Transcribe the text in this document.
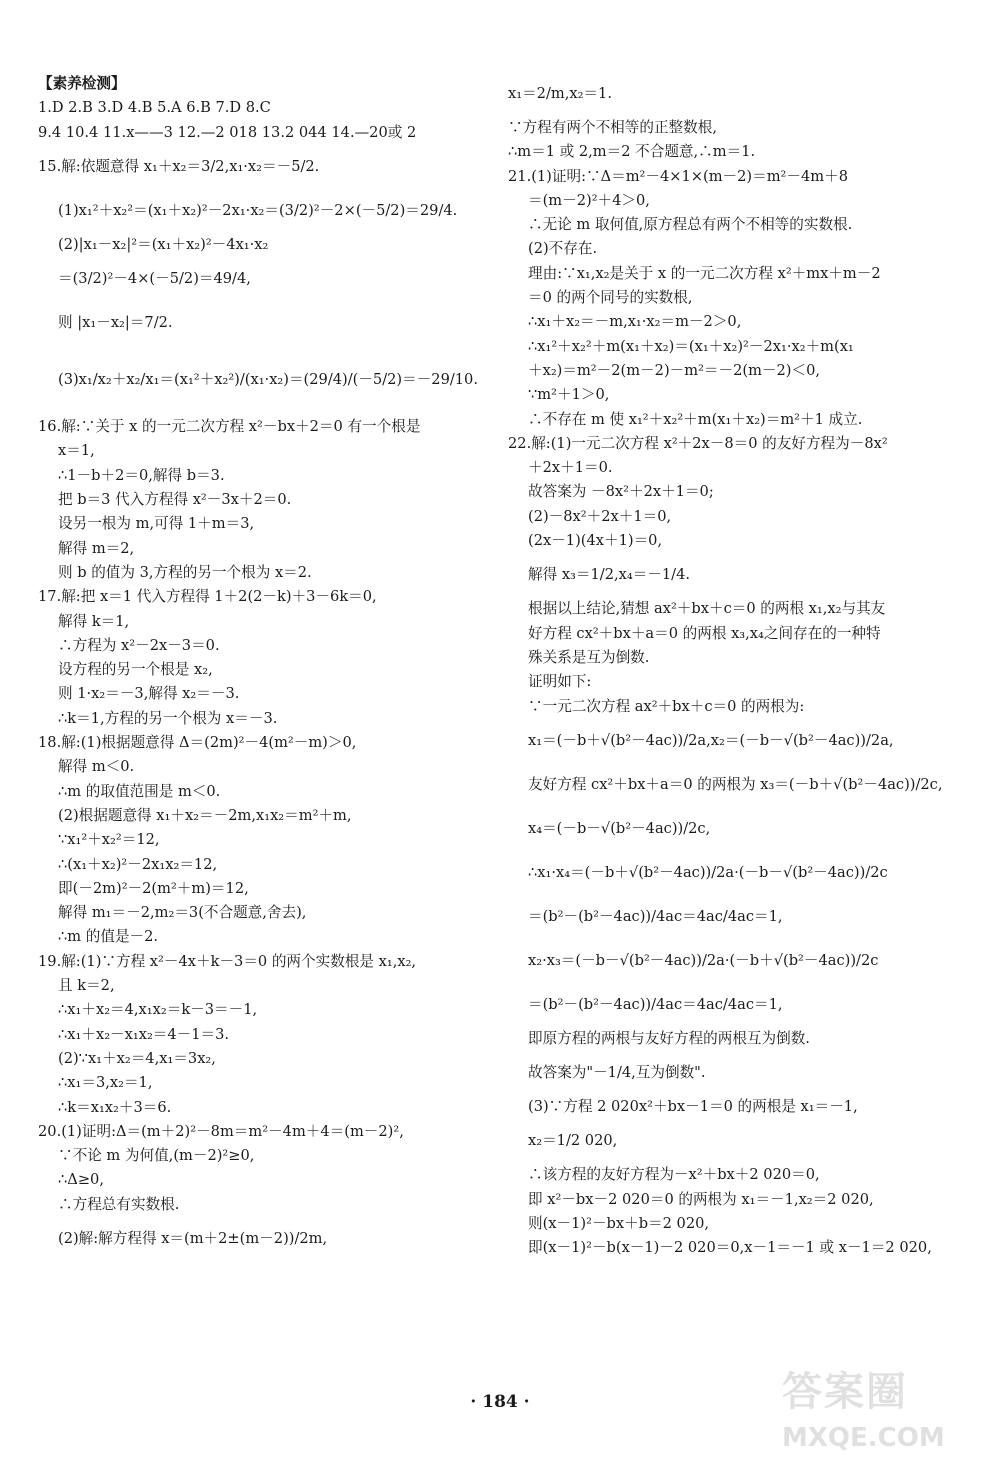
【素养检测】
1.D 2.B 3.D 4.B 5.A 6.B 7.D 8.C
9.4 10.4 11.x——3 12.—2 018 13.2 044 14.—20或 2
15.解:依题意得 x₁＋x₂＝3/2,x₁·x₂＝－5/2.
(1)x₁²＋x₂²＝(x₁＋x₂)²－2x₁·x₂＝(3/2)²－2×(－5/2)＝29/4.
(2)|x₁－x₂|²＝(x₁＋x₂)²－4x₁·x₂
＝(3/2)²－4×(－5/2)＝49/4,
则 |x₁－x₂|＝7/2.
(3)x₁/x₂＋x₂/x₁＝(x₁²＋x₂²)/(x₁·x₂)＝(29/4)/(－5/2)＝－29/10.
16.解:∵关于 x 的一元二次方程 x²－bx＋2＝0 有一个根是
x＝1,
∴1－b＋2＝0,解得 b＝3.
把 b＝3 代入方程得 x²－3x＋2＝0.
设另一根为 m,可得 1＋m＝3,
解得 m＝2,
则 b 的值为 3,方程的另一个根为 x＝2.
17.解:把 x＝1 代入方程得 1＋2(2－k)＋3－6k＝0,
解得 k＝1,
∴方程为 x²－2x－3＝0.
设方程的另一个根是 x₂,
则 1·x₂＝－3,解得 x₂＝－3.
∴k＝1,方程的另一个根为 x＝－3.
18.解:(1)根据题意得 Δ＝(2m)²－4(m²－m)＞0,
解得 m＜0.
∴m 的取值范围是 m＜0.
(2)根据题意得 x₁＋x₂＝－2m,x₁x₂＝m²＋m,
∵x₁²＋x₂²＝12,
∴(x₁＋x₂)²－2x₁x₂＝12,
即(－2m)²－2(m²＋m)＝12,
解得 m₁＝－2,m₂＝3(不合题意,舍去),
∴m 的值是－2.
19.解:(1)∵方程 x²－4x＋k－3＝0 的两个实数根是 x₁,x₂,
且 k＝2,
∴x₁＋x₂＝4,x₁x₂＝k－3＝－1,
∴x₁＋x₂－x₁x₂＝4－1＝3.
(2)∵x₁＋x₂＝4,x₁＝3x₂,
∴x₁＝3,x₂＝1,
∴k＝x₁x₂＋3＝6.
20.(1)证明:Δ＝(m＋2)²－8m＝m²－4m＋4＝(m－2)²,
∵不论 m 为何值,(m－2)²≥0,
∴Δ≥0,
∴方程总有实数根.
(2)解:解方程得 x＝(m＋2±(m－2))/2m,
x₁＝2/m,x₂＝1.
∵方程有两个不相等的正整数根,
∴m＝1 或 2,m＝2 不合题意,∴m＝1.
21.(1)证明:∵Δ＝m²－4×1×(m－2)＝m²－4m＋8
＝(m－2)²＋4＞0,
∴无论 m 取何值,原方程总有两个不相等的实数根.
(2)不存在.
理由:∵x₁,x₂是关于 x 的一元二次方程 x²＋mx＋m－2
＝0 的两个同号的实数根,
∴x₁＋x₂＝－m,x₁·x₂＝m－2＞0,
∴x₁²＋x₂²＋m(x₁＋x₂)＝(x₁＋x₂)²－2x₁·x₂＋m(x₁
＋x₂)＝m²－2(m－2)－m²＝－2(m－2)＜0,
∵m²＋1＞0,
∴不存在 m 使 x₁²＋x₂²＋m(x₁＋x₂)＝m²＋1 成立.
22.解:(1)一元二次方程 x²＋2x－8＝0 的友好方程为－8x²
＋2x＋1＝0.
故答案为 －8x²＋2x＋1＝0;
(2)－8x²＋2x＋1＝0,
(2x－1)(4x＋1)＝0,
解得 x₃＝1/2,x₄＝－1/4.
根据以上结论,猜想 ax²＋bx＋c＝0 的两根 x₁,x₂与其友
好方程 cx²＋bx＋a＝0 的两根 x₃,x₄之间存在的一种特
殊关系是互为倒数.
证明如下:
∵一元二次方程 ax²＋bx＋c＝0 的两根为:
x₁＝(－b＋√(b²－4ac))/2a,x₂＝(－b－√(b²－4ac))/2a,
友好方程 cx²＋bx＋a＝0 的两根为 x₃＝(－b＋√(b²－4ac))/2c,
x₄＝(－b－√(b²－4ac))/2c,
∴x₁·x₄＝(－b＋√(b²－4ac))/2a·(－b－√(b²－4ac))/2c
＝(b²－(b²－4ac))/4ac＝4ac/4ac＝1,
x₂·x₃＝(－b－√(b²－4ac))/2a·(－b＋√(b²－4ac))/2c
＝(b²－(b²－4ac))/4ac＝4ac/4ac＝1,
即原方程的两根与友好方程的两根互为倒数.
故答案为"－1/4,互为倒数".
(3)∵方程 2 020x²＋bx－1＝0 的两根是 x₁＝－1,
x₂＝1/2 020,
∴该方程的友好方程为－x²＋bx＋2 020＝0,
即 x²－bx－2 020＝0 的两根为 x₁＝－1,x₂＝2 020,
则(x－1)²－bx＋b＝2 020,
即(x－1)²－b(x－1)－2 020＝0,x－1＝－1 或 x－1＝2 020,
· 184 ·	答案圈
MXQE.COM
